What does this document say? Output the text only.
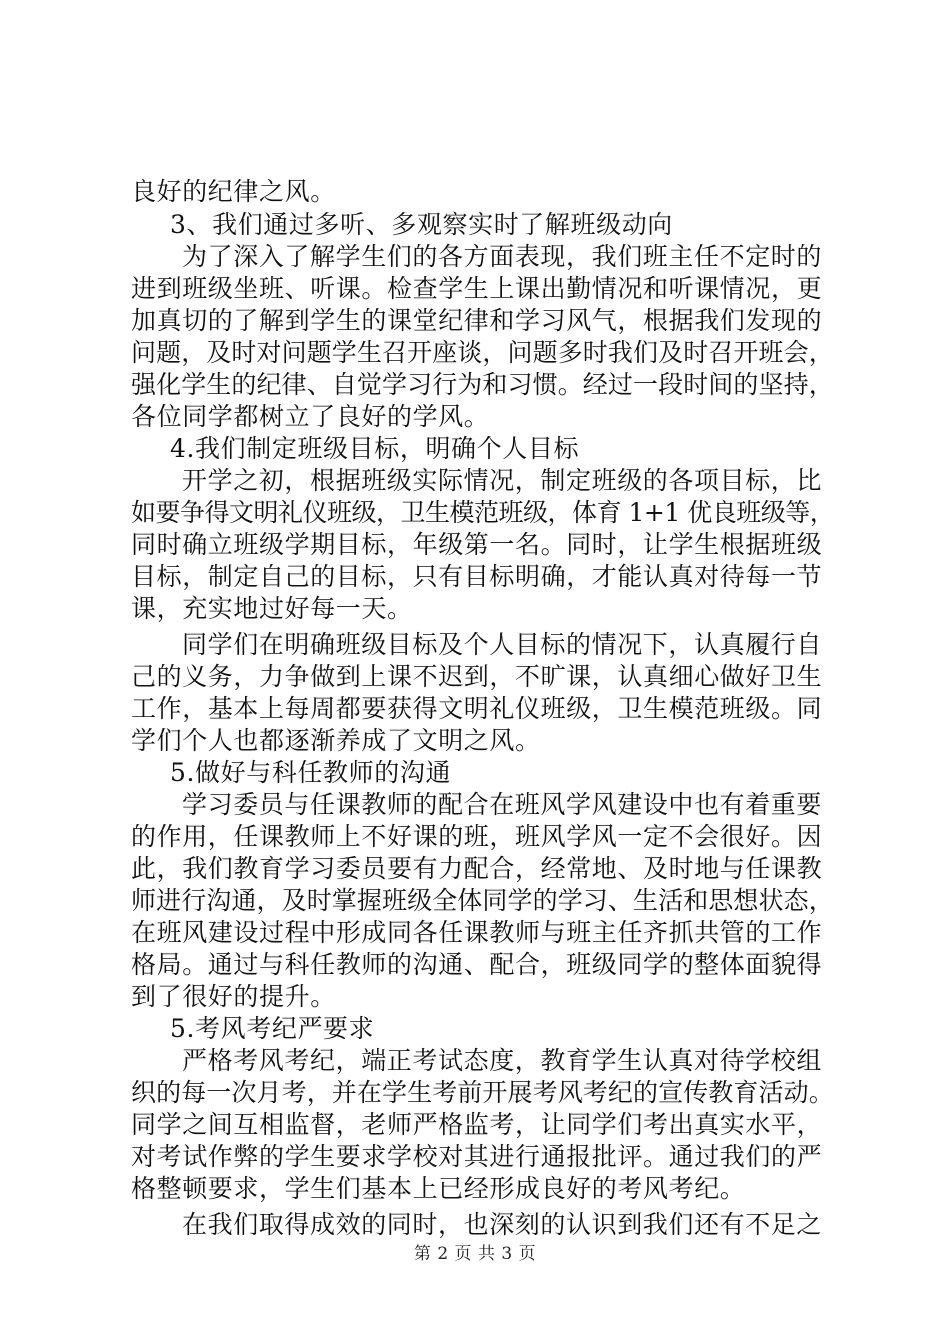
良好的纪律之风。

3、我们通过多听、多观察实时了解班级动向

为了深入了解学生们的各方面表现，我们班主任不定时的

进到班级坐班、听课。检查学生上课出勤情况和听课情况，更

加真切的了解到学生的课堂纪律和学习风气，根据我们发现的

问题，及时对问题学生召开座谈，问题多时我们及时召开班会，

强化学生的纪律、自觉学习行为和习惯。经过一段时间的坚持，

各位同学都树立了良好的学风。

4.我们制定班级目标，明确个人目标

开学之初，根据班级实际情况，制定班级的各项目标，比

如要争得文明礼仪班级，卫生模范班级，体育 1+1 优良班级等，

同时确立班级学期目标，年级第一名。同时，让学生根据班级

目标，制定自己的目标，只有目标明确，才能认真对待每一节

课，充实地过好每一天。

同学们在明确班级目标及个人目标的情况下，认真履行自

己的义务，力争做到上课不迟到，不旷课，认真细心做好卫生

工作，基本上每周都要获得文明礼仪班级，卫生模范班级。同

学们个人也都逐渐养成了文明之风。

5.做好与科任教师的沟通

学习委员与任课教师的配合在班风学风建设中也有着重要

的作用，任课教师上不好课的班，班风学风一定不会很好。因

此，我们教育学习委员要有力配合，经常地、及时地与任课教

师进行沟通，及时掌握班级全体同学的学习、生活和思想状态，

在班风建设过程中形成同各任课教师与班主任齐抓共管的工作

格局。通过与科任教师的沟通、配合，班级同学的整体面貌得

到了很好的提升。

5.考风考纪严要求

严格考风考纪，端正考试态度，教育学生认真对待学校组

织的每一次月考，并在学生考前开展考风考纪的宣传教育活动。

同学之间互相监督，老师严格监考，让同学们考出真实水平，

对考试作弊的学生要求学校对其进行通报批评。通过我们的严

格整顿要求，学生们基本上已经形成良好的考风考纪。

在我们取得成效的同时，也深刻的认识到我们还有不足之

第 2 页 共 3 页
